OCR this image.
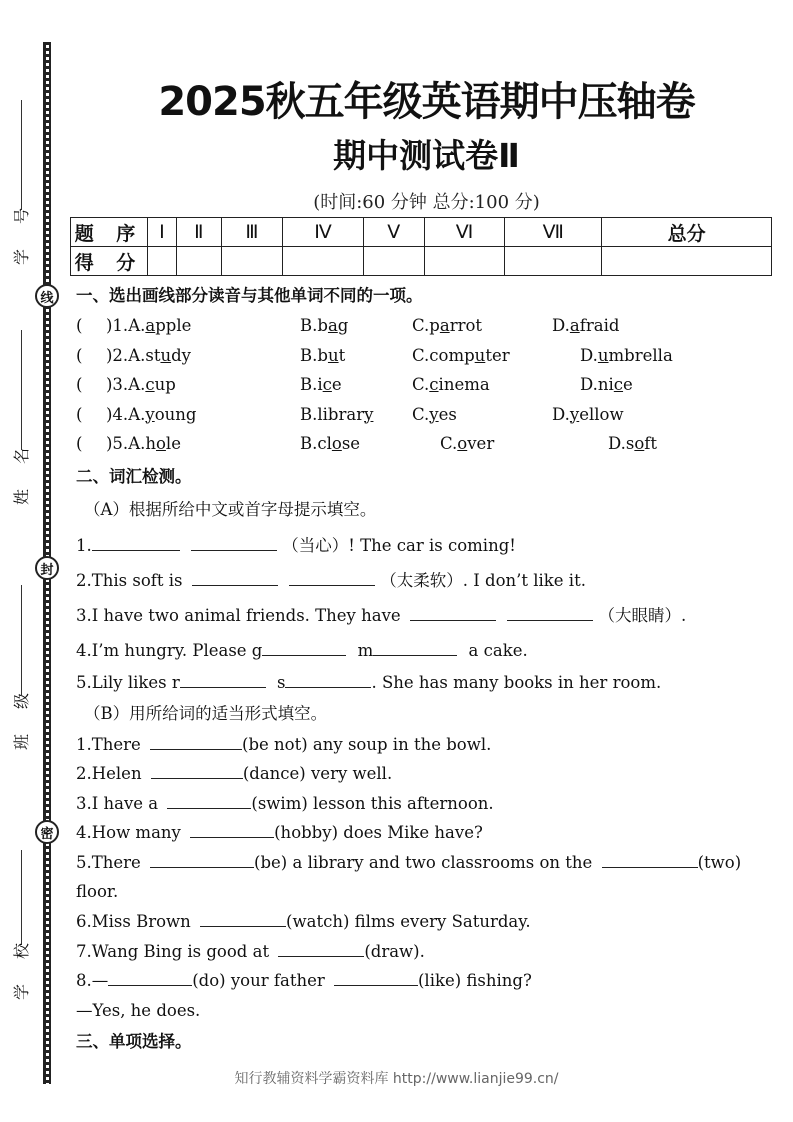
学 号
姓 名
班 级
学 校
线
封
密
2025秋五年级英语期中压轴卷
期中测试卷Ⅱ
(时间:60 分钟 总分:100 分)
题 序	Ⅰ	Ⅱ	Ⅲ	Ⅳ	Ⅴ	Ⅵ	Ⅶ	总分
得 分								
一、选出画线部分读音与其他单词不同的一项。
( )1.A.apple	B.bag	C.parrot	D.afraid
( )2.A.study	B.but	C.computer	D.umbrella
( )3.A.cup	B.ice	C.cinema	D.nice
( )4.A.young	B.library C.yes	D.yellow
( )5.A.hole	B.close	C.over	D.soft
二、词汇检测。
（A）根据所给中文或首字母提示填空。
1.	（当心）! The car is coming!
2.This soft is	（太柔软）. I don’t like it.
3.I have two animal friends. They have	（大眼睛）.
4.I’m hungry. Please g	m	a cake.
5.Lily likes r	s	. She has many books in her room.
（B）用所给词的适当形式填空。
1.There	(be not) any soup in the bowl.
2.Helen	(dance) very well.
3.I have a	(swim) lesson this afternoon.
4.How many	(hobby) does Mike have?
5.There	(be) a library and two classrooms on the	(two)
floor.
6.Miss Brown	(watch) films every Saturday.
7.Wang Bing is good at	(draw).
8.—	(do) your father	(like) fishing?
—Yes, he does.
三、单项选择。
知行教辅资料学霸资料库 http://www.lianjie99.cn/
